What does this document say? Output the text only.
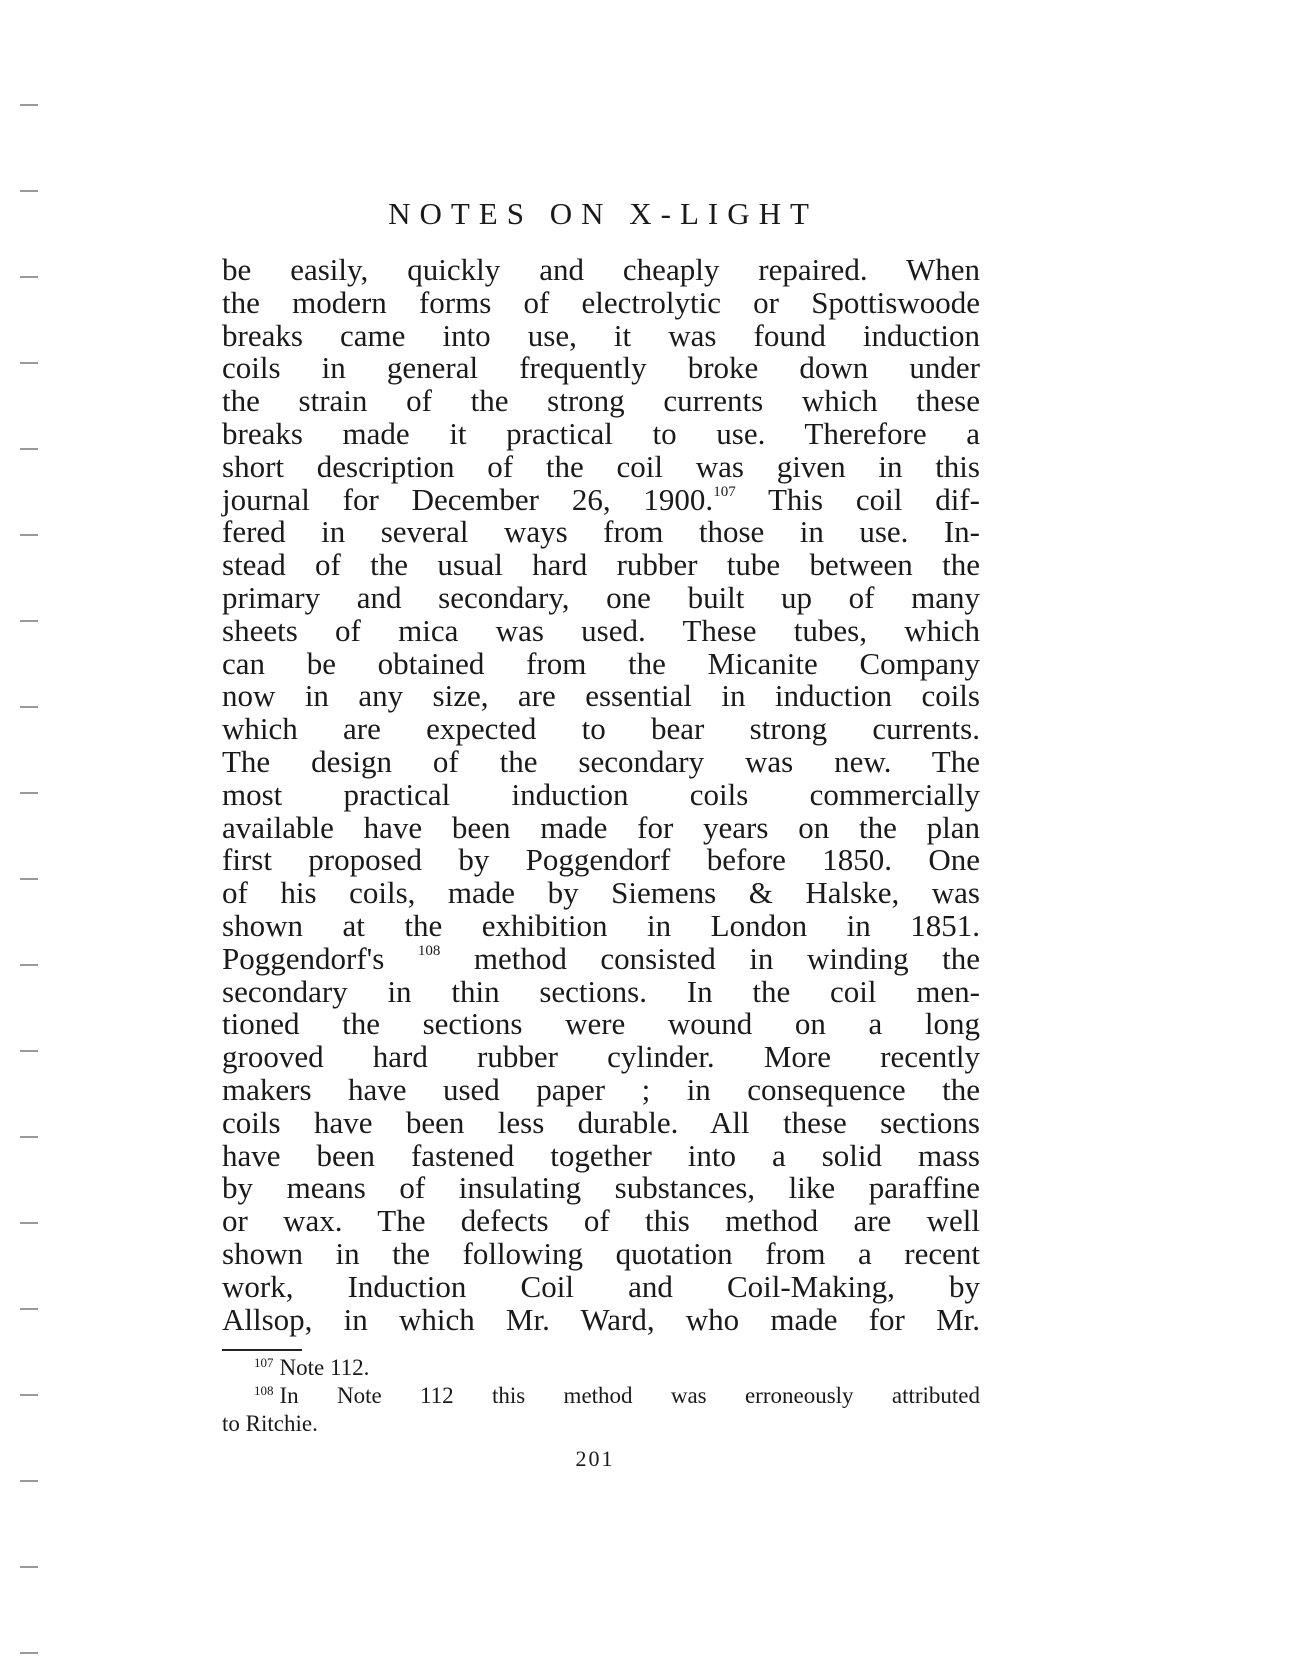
NOTES ON X-LIGHT
be easily, quickly and cheaply repaired. When
the modern forms of electrolytic or Spottiswoode
breaks came into use, it was found induction
coils in general frequently broke down under
the strain of the strong currents which these
breaks made it practical to use. Therefore a
short description of the coil was given in this
journal for December 26, 1900.$^{107}$ This coil dif-
fered in several ways from those in use. In-
stead of the usual hard rubber tube between the
primary and secondary, one built up of many
sheets of mica was used. These tubes, which
can be obtained from the Micanite Company
now in any size, are essential in induction coils
which are expected to bear strong currents.
The design of the secondary was new. The
most practical induction coils commercially
available have been made for years on the plan
first proposed by Poggendorf before 1850. One
of his coils, made by Siemens & Halske, was
shown at the exhibition in London in 1851.
Poggendorf's $^{108}$ method consisted in winding the
secondary in thin sections. In the coil men-
tioned the sections were wound on a long
grooved hard rubber cylinder. More recently
makers have used paper ; in consequence the
coils have been less durable. All these sections
have been fastened together into a solid mass
by means of insulating substances, like paraffine
or wax. The defects of this method are well
shown in the following quotation from a recent
work, Induction Coil and Coil-Making, by
Allsop, in which Mr. Ward, who made for Mr.
$^{107}$ Note 112.
$^{108}$ In Note 112 this method was erroneously attributed
to Ritchie.
201
